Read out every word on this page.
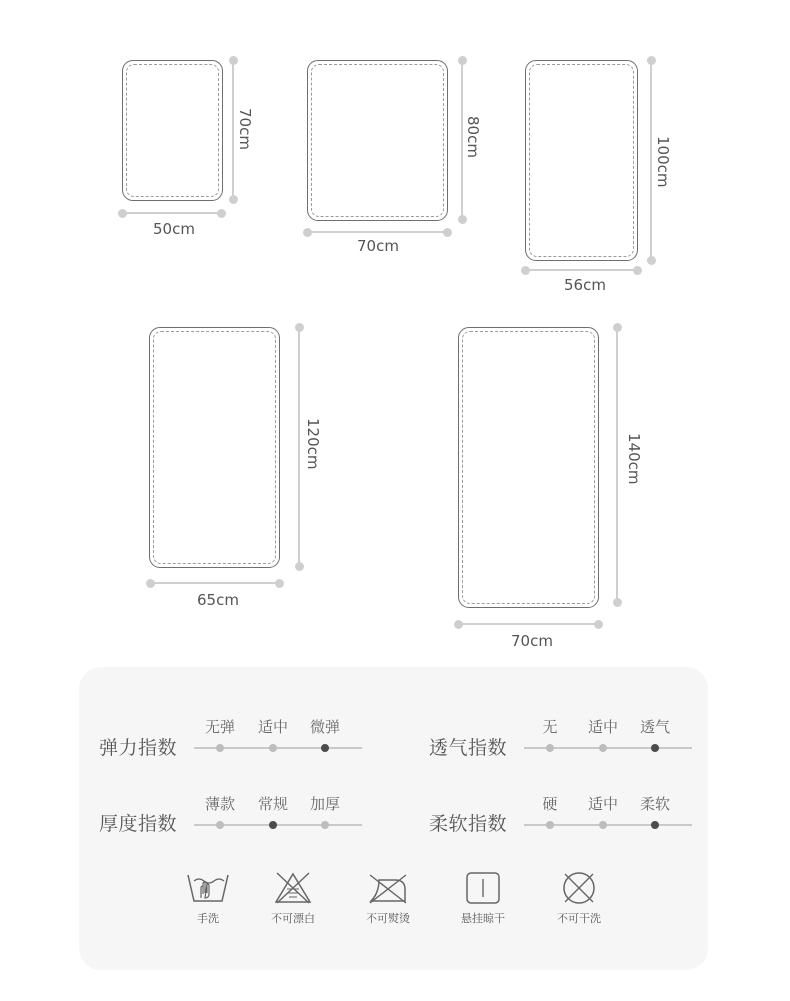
70cm
50cm
80cm
70cm
100cm
56cm
120cm
65cm
140cm
70cm
弹力指数
无弹	适中	微弹
透气指数
无	适中	透气
厚度指数
薄款	常规	加厚
柔软指数
硬	适中	柔软
手洗	不可漂白	不可熨烫	悬挂晾干	不可干洗
